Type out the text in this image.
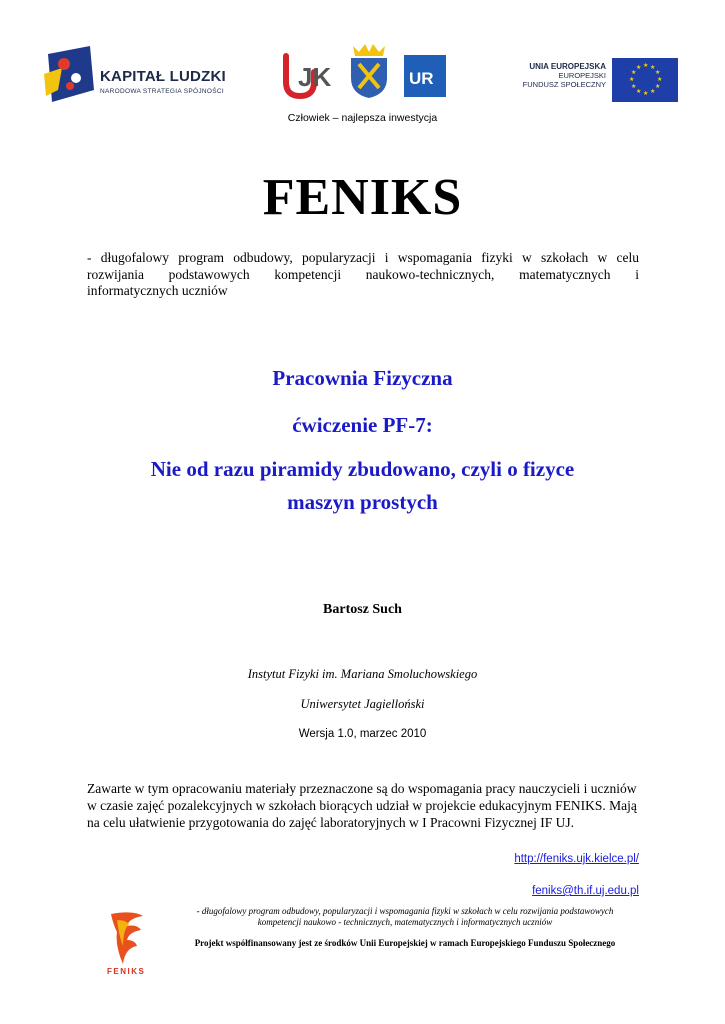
KAPITAŁ LUDZKI
NARODOWA STRATEGIA SPÓJNOŚCI	JK	UR
UNIA EUROPEJSKA
EUROPEJSKI
FUNDUSZ SPOŁECZNY
★ ★
★
★
★
★
★
★
★
★
★
★
Człowiek – najlepsza inwestycja
FENIKS
- długofalowy program odbudowy, popularyzacji i wspomagania fizyki w szkołach w celu
rozwijania podstawowych kompetencji naukowo-technicznych, matematycznych i
informatycznych uczniów
Pracownia Fizyczna
ćwiczenie PF-7:
Nie od razu piramidy zbudowano, czyli o fizyce
maszyn prostych
Bartosz Such
Instytut Fizyki im. Mariana Smoluchowskiego
Uniwersytet Jagielloński
Wersja 1.0, marzec 2010
Zawarte w tym opracowaniu materiały przeznaczone są do wspomagania pracy nauczycieli i uczniów w czasie zajęć pozalekcyjnych w szkołach biorących udział w projekcie edukacyjnym FENIKS. Mają na celu ułatwienie przygotowania do zajęć laboratoryjnych w I Pracowni Fizycznej IF UJ.
http://feniks.ujk.kielce.pl/
feniks@th.if.uj.edu.pl
FENIKS
- długofalowy program odbudowy, popularyzacji i wspomagania fizyki w szkołach w celu rozwijania podstawowych
kompetencji naukowo - technicznych, matematycznych i informatycznych uczniów
Projekt współfinansowany jest ze środków Unii Europejskiej w ramach Europejskiego Funduszu Społecznego
